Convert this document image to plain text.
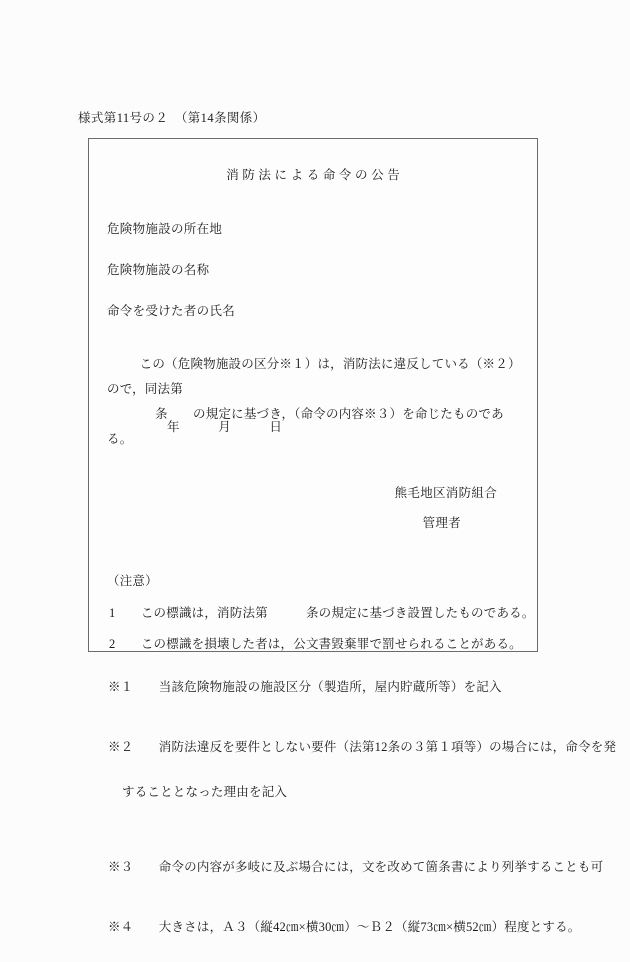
様式第11号の２　（第14条関係）
消防法による命令の公告
危険物施設の所在地
危険物施設の名称
命令を受けた者の氏名

　この（危険物施設の区分※１）は，消防法に違反している（※２）ので，同法第
条　　の規定に基づき，（命令の内容※３）を命じたものである。

年　　　月　　　日
熊毛地区消防組合
管理者
（注意）
1　　この標識は，消防法第　　　条の規定に基づき設置したものである。
2　　この標識を損壊した者は，公文書毀棄罪で罰せられることがある。

※１　　 当該危険物施設の施設区分（製造所，屋内貯蔵所等）を記入

※２　　 消防法違反を要件としない要件（法第12条の３第１項等）の場合には，命令を発

することとなった理由を記入

※３　　 命令の内容が多岐に及ぶ場合には，文を改めて箇条書により列挙することも可

※４　　 大きさは，Ａ３（縦42㎝×横30㎝）〜Ｂ２（縦73㎝×横52㎝）程度とする。
